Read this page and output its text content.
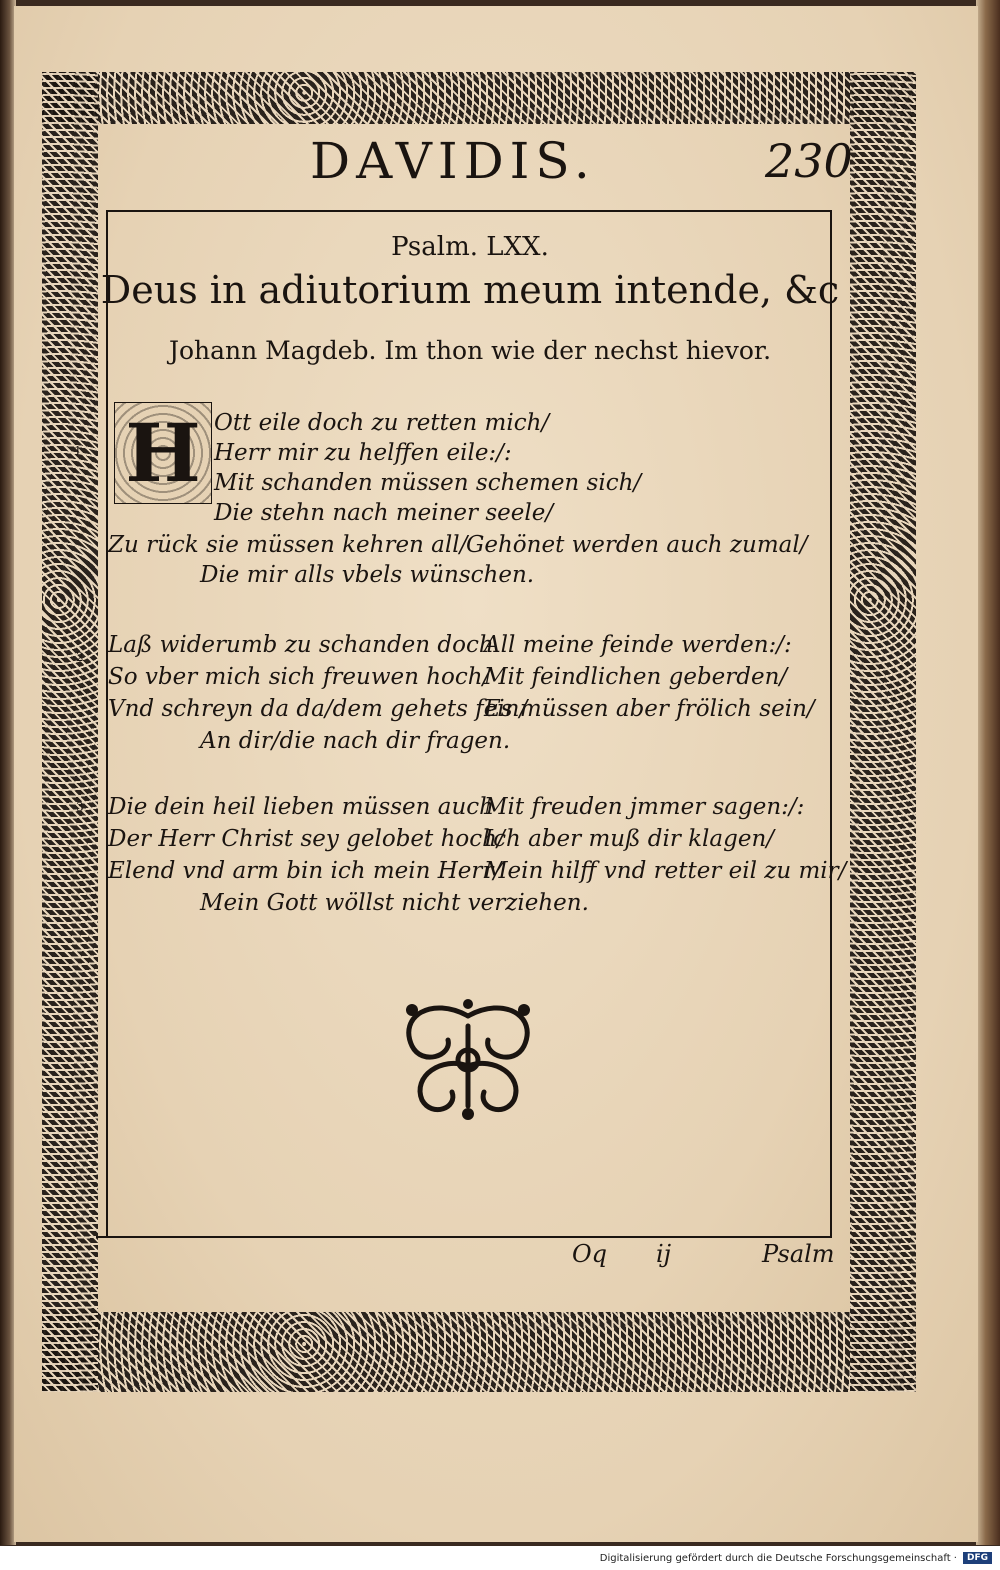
DAVIDIS.	230
Psalm. LXX.
Deus in adiutorium meum intende, &c
Johann Magdeb. Im thon wie der nechst hievor.
H
1
Ott eile doch zu retten mich/
Herr mir zu helffen eile:/:
Mit schanden müssen schemen sich/
Die stehn nach meiner seele/
Zu rück sie müssen kehren all/
Gehönet werden auch zumal/
Die mir alls vbels wünschen.
2 Laß widerumb zu schanden doch
All meine feinde werden:/:
So vber mich sich freuwen hoch/
Mit feindlichen geberden/
Vnd schreyn da da/dem gehets fein/
Es müssen aber frölich sein/
An dir/die nach dir fragen.
3 Die dein heil lieben müssen auch
Mit freuden jmmer sagen:/:
Der Herr Christ sey gelobet hoch/
Ich aber muß dir klagen/
Elend vnd arm bin ich mein Herr/
Mein hilff vnd retter eil zu mir/
Mein Gott wöllst nicht verziehen.
Oq ij	Psalm
Digitalisierung gefördert durch die Deutsche Forschungsgemeinschaft ·	DFG
